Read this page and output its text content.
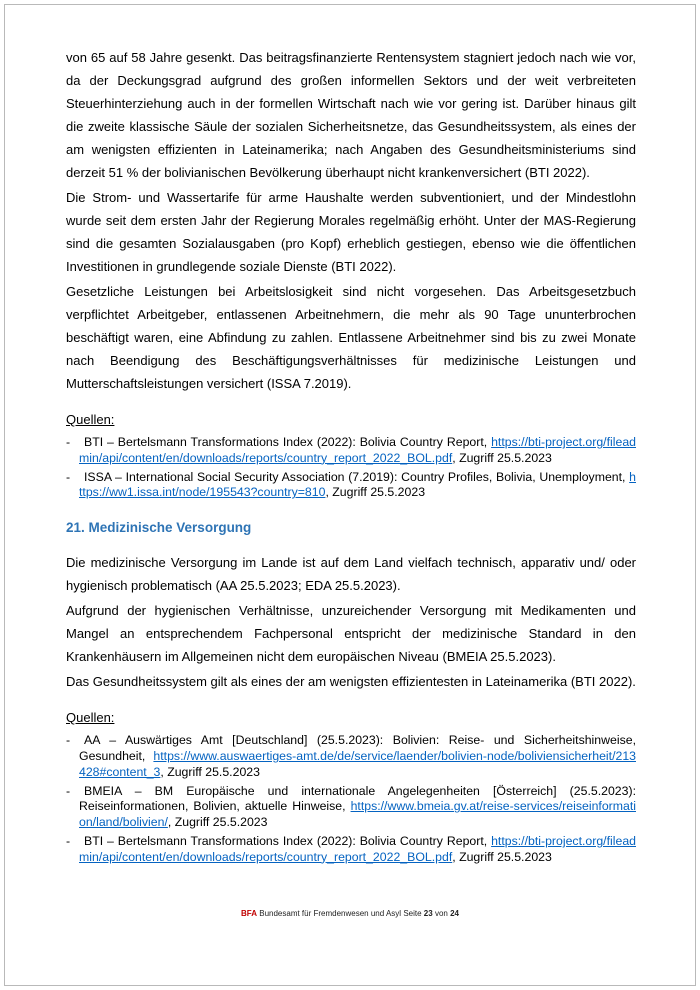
von 65 auf 58 Jahre gesenkt. Das beitragsfinanzierte Rentensystem stagniert jedoch nach wie vor, da der Deckungsgrad aufgrund des großen informellen Sektors und der weit verbreiteten Steuerhinterziehung auch in der formellen Wirtschaft nach wie vor gering ist. Darüber hinaus gilt die zweite klassische Säule der sozialen Sicherheitsnetze, das Gesundheitssystem, als eines der am wenigsten effizienten in Lateinamerika; nach Angaben des Gesundheitsministeriums sind derzeit 51 % der bolivianischen Bevölkerung überhaupt nicht krankenversichert (BTI 2022).

Die Strom- und Wassertarife für arme Haushalte werden subventioniert, und der Mindestlohn wurde seit dem ersten Jahr der Regierung Morales regelmäßig erhöht. Unter der MAS-Regierung sind die gesamten Sozialausgaben (pro Kopf) erheblich gestiegen, ebenso wie die öffentlichen Investitionen in grundlegende soziale Dienste (BTI 2022).

Gesetzliche Leistungen bei Arbeitslosigkeit sind nicht vorgesehen. Das Arbeitsgesetzbuch verpflichtet Arbeitgeber, entlassenen Arbeitnehmern, die mehr als 90 Tage ununterbrochen beschäftigt waren, eine Abfindung zu zahlen. Entlassene Arbeitnehmer sind bis zu zwei Monate nach Beendigung des Beschäftigungsverhältnisses für medizinische Leistungen und Mutterschaftsleistungen versichert (ISSA 7.2019).

Quellen:

- BTI – Bertelsmann Transformations Index (2022): Bolivia Country Report, https://bti-project.org/fileadmin/api/content/en/downloads/reports/country_report_2022_BOL.pdf, Zugriff 25.5.2023
- ISSA – International Social Security Association (7.2019): Country Profiles, Bolivia, Unemployment, https://ww1.issa.int/node/195543?country=810, Zugriff 25.5.2023
21. Medizinische Versorgung

Die medizinische Versorgung im Lande ist auf dem Land vielfach technisch, apparativ und/ oder hygienisch problematisch (AA 25.5.2023; EDA 25.5.2023).

Aufgrund der hygienischen Verhältnisse, unzureichender Versorgung mit Medikamenten und Mangel an entsprechendem Fachpersonal entspricht der medizinische Standard in den Krankenhäusern im Allgemeinen nicht dem europäischen Niveau (BMEIA 25.5.2023).

Das Gesundheitssystem gilt als eines der am wenigsten effizientesten in Lateinamerika (BTI 2022).

Quellen:

- AA – Auswärtiges Amt [Deutschland] (25.5.2023): Bolivien: Reise- und Sicherheitshinweise, Gesundheit, https://www.auswaertiges-amt.de/de/service/laender/bolivien-node/boliviensicherheit/213428#content_3, Zugriff 25.5.2023
- BMEIA – BM Europäische und internationale Angelegenheiten [Österreich] (25.5.2023): Reiseinformationen, Bolivien, aktuelle Hinweise, https://www.bmeia.gv.at/reise-services/reiseinformation/land/bolivien/, Zugriff 25.5.2023
- BTI – Bertelsmann Transformations Index (2022): Bolivia Country Report, https://bti-project.org/fileadmin/api/content/en/downloads/reports/country_report_2022_BOL.pdf, Zugriff 25.5.2023
BFA Bundesamt für Fremdenwesen und Asyl Seite 23 von 24
